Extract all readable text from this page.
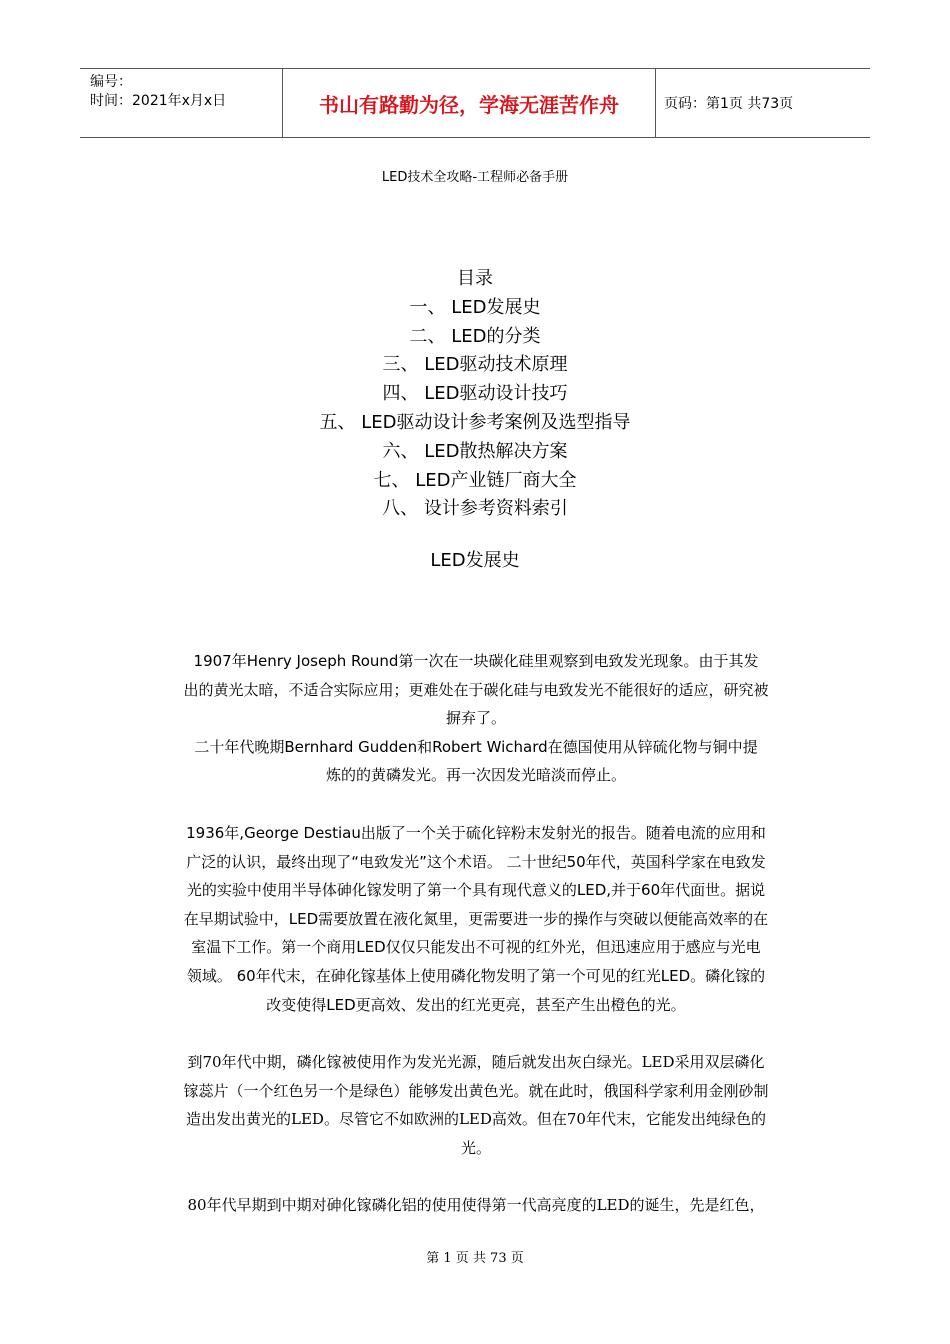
编号：
时间：2021年x月x日	书山有路勤为径，学海无涯苦作舟	页码：第1页 共73页
LED技术全攻略-工程师必备手册
目录
一、 LED发展史
二、 LED的分类
三、 LED驱动技术原理
四、 LED驱动设计技巧
五、 LED驱动设计参考案例及选型指导
六、 LED散热解决方案
七、 LED产业链厂商大全
八、 设计参考资料索引
LED发展史
1907年Henry Joseph Round第一次在一块碳化硅里观察到电致发光现象。由于其发
出的黄光太暗，不适合实际应用；更难处在于碳化硅与电致发光不能很好的适应，研究被
摒弃了。
二十年代晚期Bernhard Gudden和Robert Wichard在德国使用从锌硫化物与铜中提
炼的的黄磷发光。再一次因发光暗淡而停止。
1936年,George Destiau出版了一个关于硫化锌粉末发射光的报告。随着电流的应用和
广泛的认识，最终出现了“电致发光”这个术语。 二十世纪50年代，英国科学家在电致发
光的实验中使用半导体砷化镓发明了第一个具有现代意义的LED,并于60年代面世。据说
在早期试验中，LED需要放置在液化氮里，更需要进一步的操作与突破以便能高效率的在
室温下工作。第一个商用LED仅仅只能发出不可视的红外光，但迅速应用于感应与光电
领域。 60年代末，在砷化镓基体上使用磷化物发明了第一个可见的红光LED。磷化镓的
改变使得LED更高效、发出的红光更亮，甚至产生出橙色的光。
到70年代中期，磷化镓被使用作为发光光源，随后就发出灰白绿光。LED采用双层磷化
镓蕊片（一个红色另一个是绿色）能够发出黄色光。就在此时，俄国科学家利用金刚砂制
造出发出黄光的LED。尽管它不如欧洲的LED高效。但在70年代末，它能发出纯绿色的
光。
80年代早期到中期对砷化镓磷化铝的使用使得第一代高亮度的LED的诞生，先是红色，
第 1 页 共 73 页
